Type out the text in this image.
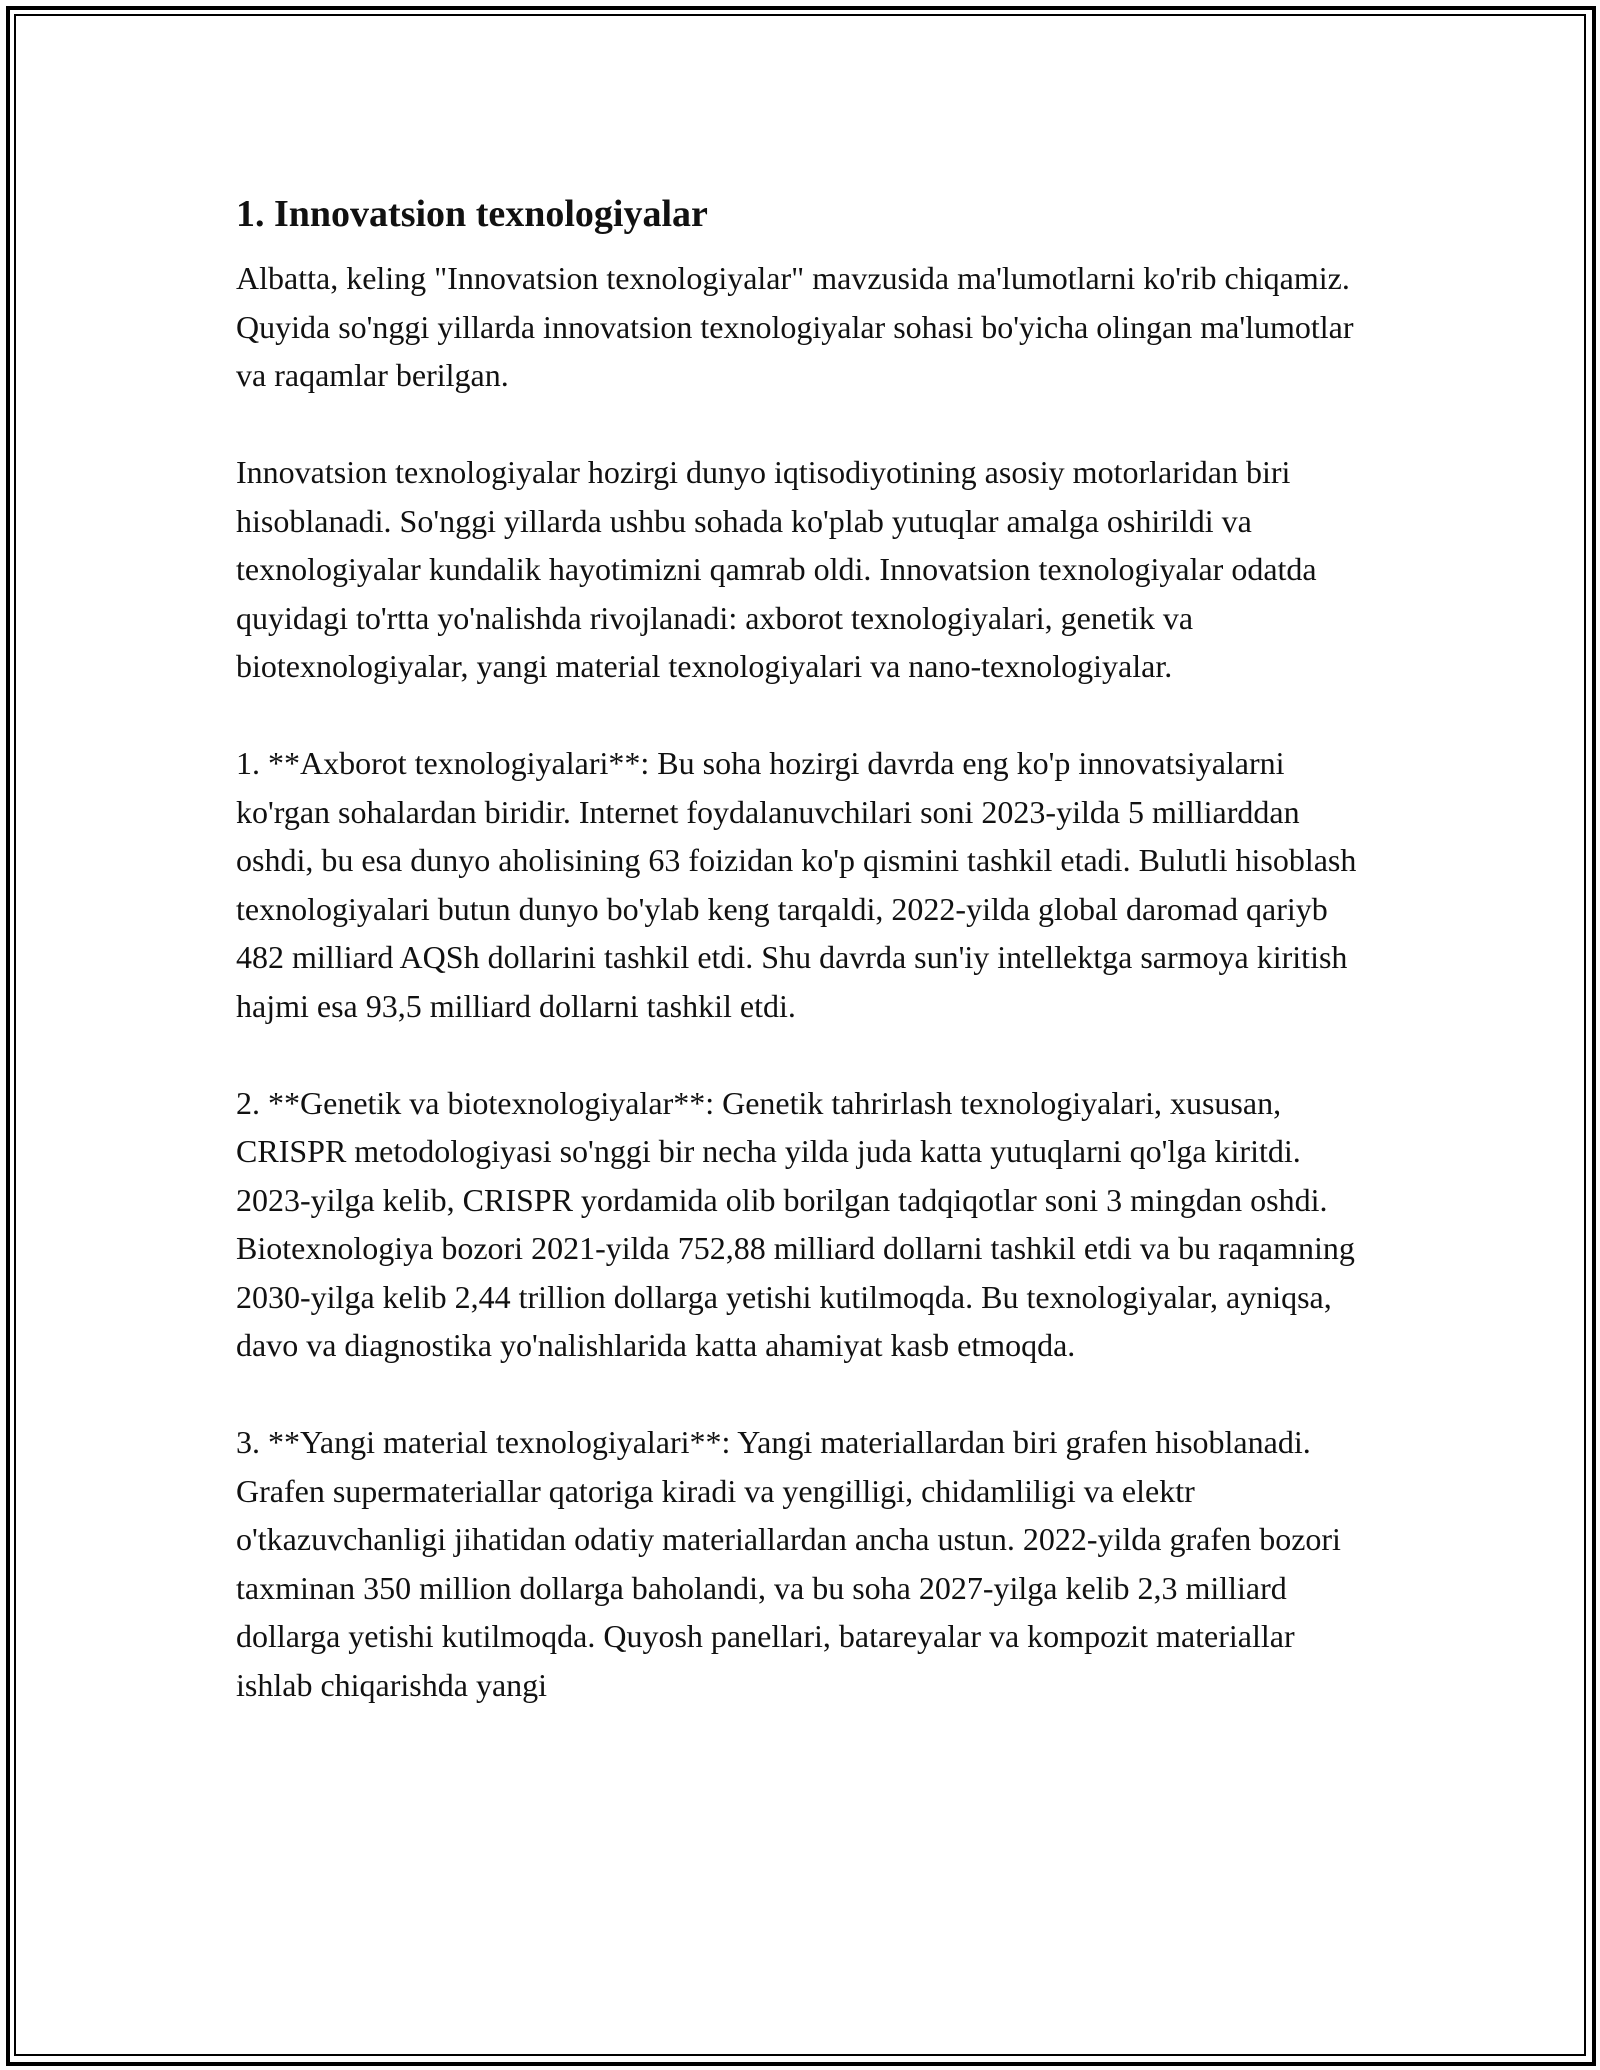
1. Innovatsion texnologiyalar

Albatta, keling "Innovatsion texnologiyalar" mavzusida ma'lumotlarni ko'rib chiqamiz. Quyida so'nggi yillarda innovatsion texnologiyalar sohasi bo'yicha olingan ma'lumotlar va raqamlar berilgan.

Innovatsion texnologiyalar hozirgi dunyo iqtisodiyotining asosiy motorlaridan biri hisoblanadi. So'nggi yillarda ushbu sohada ko'plab yutuqlar amalga oshirildi va texnologiyalar kundalik hayotimizni qamrab oldi. Innovatsion texnologiyalar odatda quyidagi to'rtta yo'nalishda rivojlanadi: axborot texnologiyalari, genetik va biotexnologiyalar, yangi material texnologiyalari va nano-texnologiyalar.

1. **Axborot texnologiyalari**: Bu soha hozirgi davrda eng ko'p innovatsiyalarni ko'rgan sohalardan biridir. Internet foydalanuvchilari soni 2023-yilda 5 milliarddan oshdi, bu esa dunyo aholisining 63 foizidan ko'p qismini tashkil etadi. Bulutli hisoblash texnologiyalari butun dunyo bo'ylab keng tarqaldi, 2022-yilda global daromad qariyb 482 milliard AQSh dollarini tashkil etdi. Shu davrda sun'iy intellektga sarmoya kiritish hajmi esa 93,5 milliard dollarni tashkil etdi.

2. **Genetik va biotexnologiyalar**: Genetik tahrirlash texnologiyalari, xususan, CRISPR metodologiyasi so'nggi bir necha yilda juda katta yutuqlarni qo'lga kiritdi. 2023-yilga kelib, CRISPR yordamida olib borilgan tadqiqotlar soni 3 mingdan oshdi. Biotexnologiya bozori 2021-yilda 752,88 milliard dollarni tashkil etdi va bu raqamning 2030-yilga kelib 2,44 trillion dollarga yetishi kutilmoqda. Bu texnologiyalar, ayniqsa, davo va diagnostika yo'nalishlarida katta ahamiyat kasb etmoqda.

3. **Yangi material texnologiyalari**: Yangi materiallardan biri grafen hisoblanadi. Grafen supermateriallar qatoriga kiradi va yengilligi, chidamliligi va elektr o'tkazuvchanligi jihatidan odatiy materiallardan ancha ustun. 2022-yilda grafen bozori taxminan 350 million dollarga baholandi, va bu soha 2027-yilga kelib 2,3 milliard dollarga yetishi kutilmoqda. Quyosh panellari, batareyalar va kompozit materiallar ishlab chiqarishda yangi
